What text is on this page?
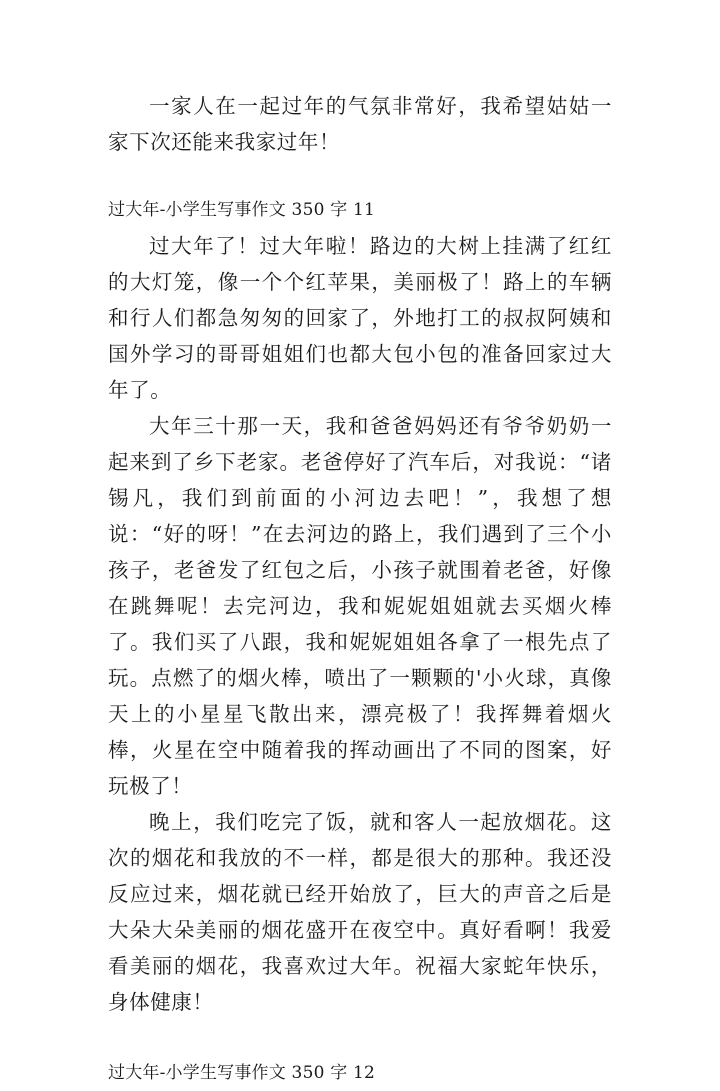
一家人在一起过年的气氛非常好，我希望姑姑一家下次还能来我家过年！

过大年-小学生写事作文 350 字 11

过大年了！过大年啦！路边的大树上挂满了红红的大灯笼，像一个个红苹果，美丽极了！路上的车辆和行人们都急匆匆的回家了，外地打工的叔叔阿姨和国外学习的哥哥姐姐们也都大包小包的准备回家过大年了。

大年三十那一天，我和爸爸妈妈还有爷爷奶奶一起来到了乡下老家。老爸停好了汽车后，对我说：“诸锡凡，我们到前面的小河边去吧！”，我想了想说：“好的呀！”在去河边的路上，我们遇到了三个小孩子，老爸发了红包之后，小孩子就围着老爸，好像在跳舞呢！去完河边，我和妮妮姐姐就去买烟火棒了。我们买了八跟，我和妮妮姐姐各拿了一根先点了玩。点燃了的烟火棒，喷出了一颗颗的'小火球，真像天上的小星星飞散出来，漂亮极了！我挥舞着烟火棒，火星在空中随着我的挥动画出了不同的图案，好玩极了！

晚上，我们吃完了饭，就和客人一起放烟花。这次的烟花和我放的不一样，都是很大的那种。我还没反应过来，烟花就已经开始放了，巨大的声音之后是大朵大朵美丽的烟花盛开在夜空中。真好看啊！我爱看美丽的烟花，我喜欢过大年。祝福大家蛇年快乐，身体健康！

过大年-小学生写事作文 350 字 12
